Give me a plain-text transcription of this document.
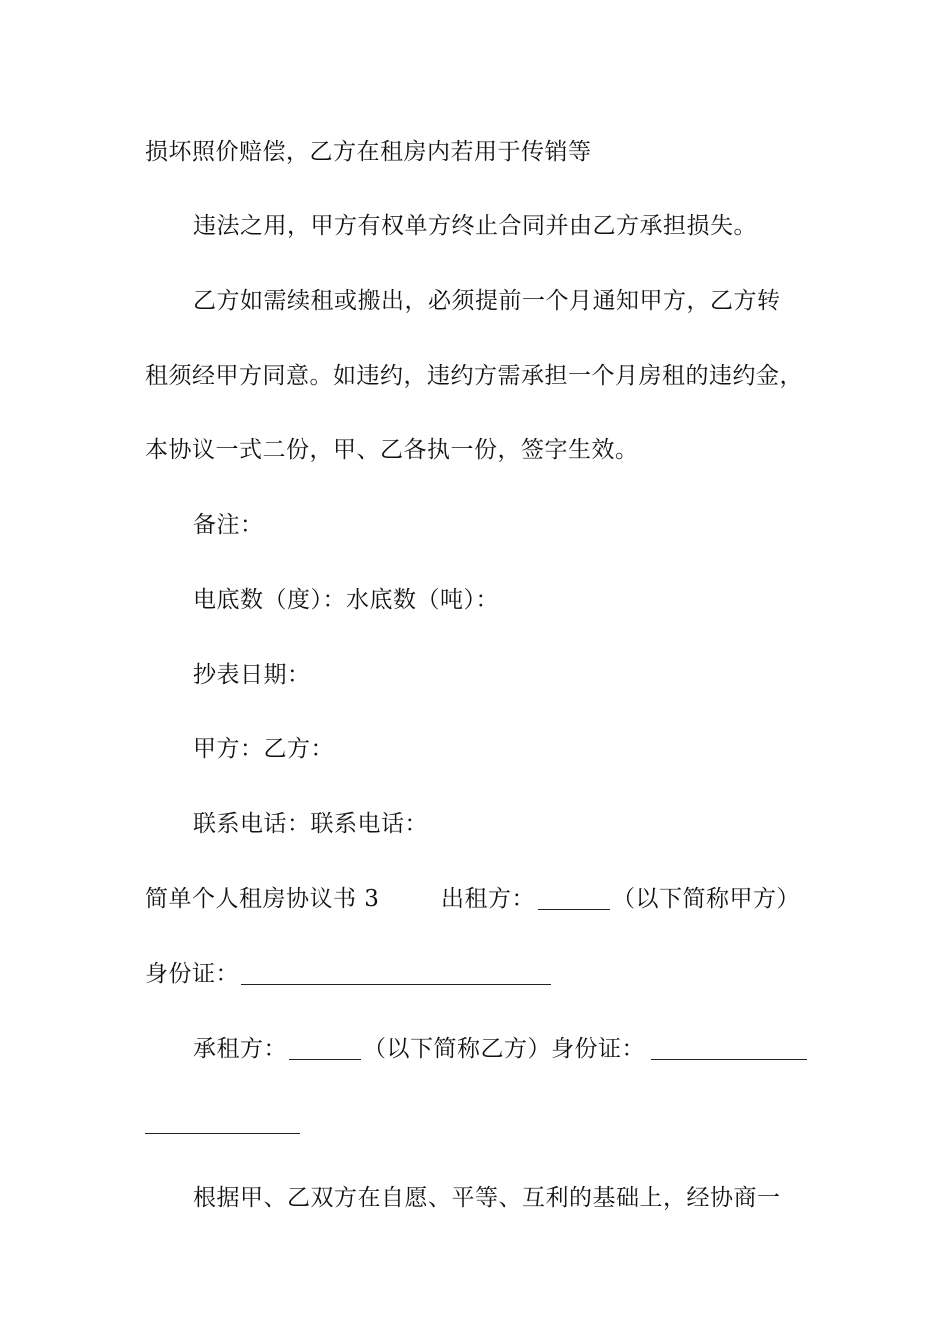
损坏照价赔偿，乙方在租房内若用于传销等
违法之用，甲方有权单方终止合同并由乙方承担损失。
乙方如需续租或搬出，必须提前一个月通知甲方，乙方转
租须经甲方同意。如违约，违约方需承担一个月房租的违约金，
本协议一式二份，甲、乙各执一份，签字生效。
备注：
电底数（度）：水底数（吨）：
抄表日期：
甲方：乙方：
联系电话：联系电话：
简单个人租房协议书 3	出租方：	（以下简称甲方）
身份证：
承租方：	（以下简称乙方）身份证：
根据甲、乙双方在自愿、平等、互利的基础上，经协商一
